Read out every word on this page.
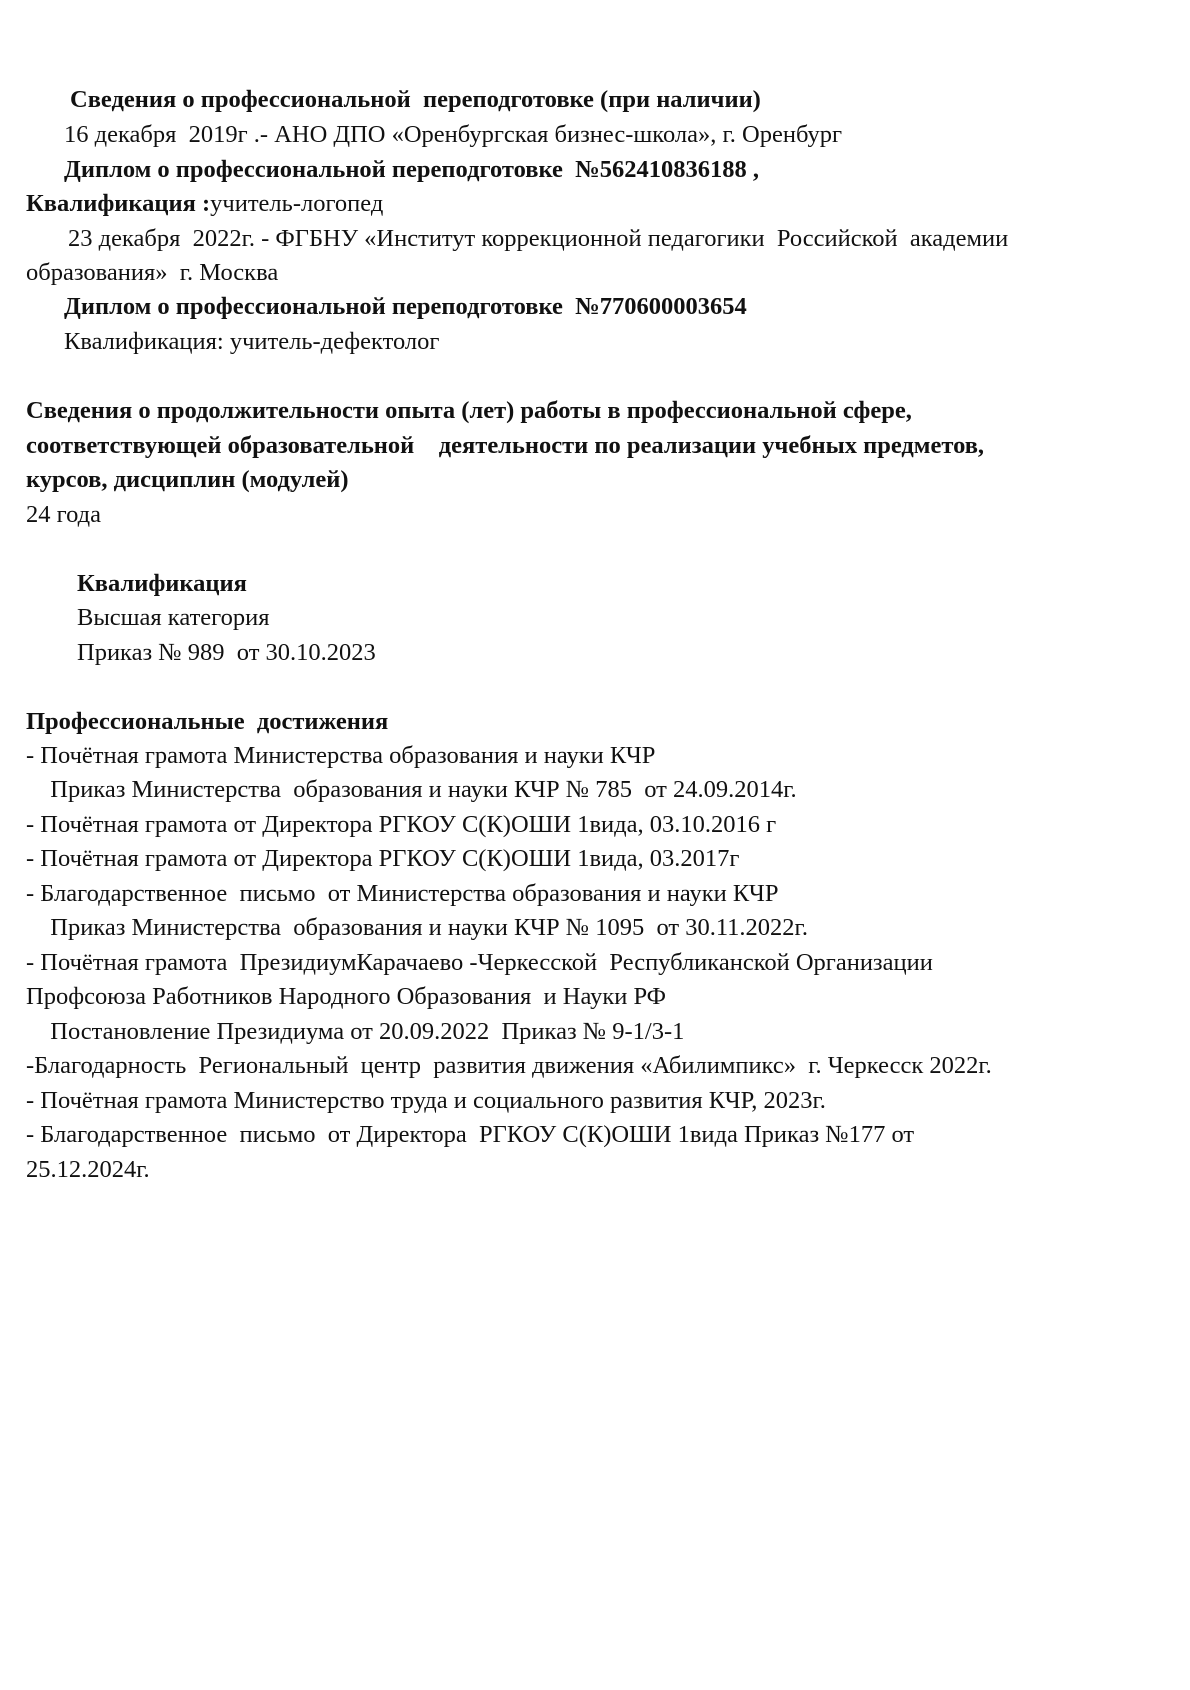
Сведения о профессиональной  переподготовке (при наличии)

16 декабря  2019г .- АНО ДПО «Оренбургская бизнес-школа», г. Оренбург

Диплом о профессиональной переподготовке  №562410836188 ,

Квалификация :учитель-логопед

23 декабря  2022г. - ФГБНУ «Институт коррекционной педагогики  Российской  академии

образования»  г. Москва

Диплом о профессиональной переподготовке  №770600003654

Квалификация: учитель-дефектолог

Сведения о продолжительности опыта (лет) работы в профессиональной сфере,

соответствующей образовательной    деятельности по реализации учебных предметов,

курсов, дисциплин (модулей)

24 года

Квалификация

Высшая категория

Приказ № 989  от 30.10.2023

Профессиональные  достижения

- Почётная грамота Министерства образования и науки КЧР

Приказ Министерства  образования и науки КЧР № 785  от 24.09.2014г.

- Почётная грамота от Директора РГКОУ С(К)ОШИ 1вида, 03.10.2016 г

- Почётная грамота от Директора РГКОУ С(К)ОШИ 1вида, 03.2017г

- Благодарственное  письмо  от Министерства образования и науки КЧР

Приказ Министерства  образования и науки КЧР № 1095  от 30.11.2022г.

- Почётная грамота  ПрезидиумКарачаево -Черкесской  Республиканской Организации

Профсоюза Работников Народного Образования  и Науки РФ

Постановление Президиума от 20.09.2022  Приказ № 9-1/3-1

-Благодарность  Региональный  центр  развития движения «Абилимпикс»  г. Черкесск 2022г.

- Почётная грамота Министерство труда и социального развития КЧР, 2023г.

- Благодарственное  письмо  от Директора  РГКОУ С(К)ОШИ 1вида Приказ №177 от

25.12.2024г.
